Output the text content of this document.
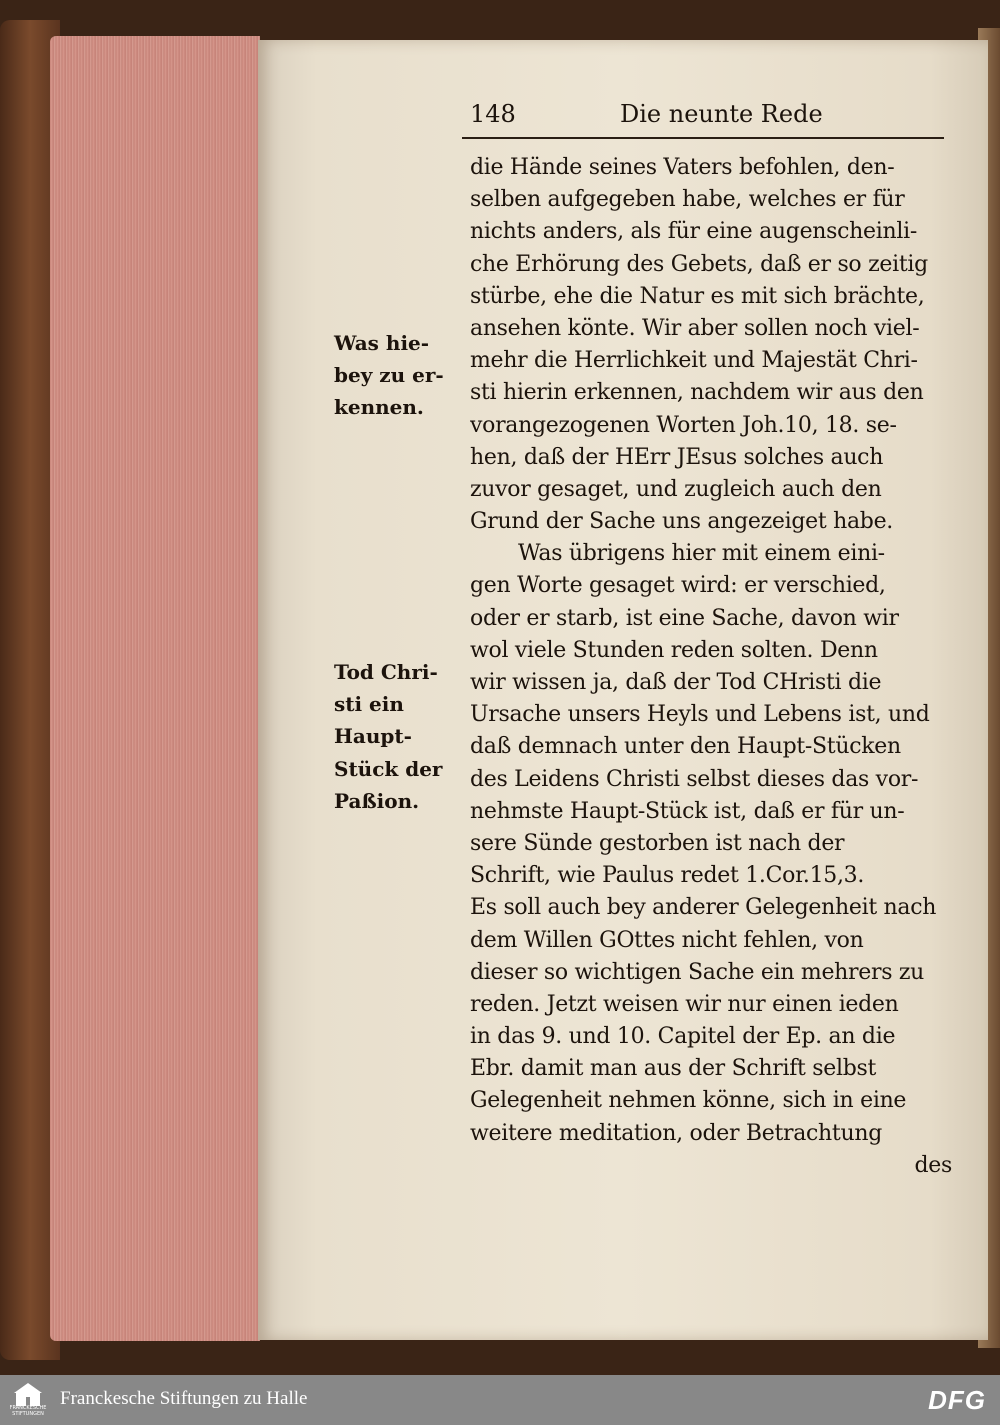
148	Die neunte Rede
die Hände seines Vaters befohlen, den-
selben aufgegeben habe, welches er für
nichts anders, als für eine augenscheinli-
che Erhörung des Gebets, daß er so zeitig
stürbe, ehe die Natur es mit sich brächte,
ansehen könte. Wir aber sollen noch viel-
mehr die Herrlichkeit und Majestät Chri-
sti hierin erkennen, nachdem wir aus den
vorangezogenen Worten Joh.10, 18. se-
hen, daß der HErr JEsus solches auch
zuvor gesaget, und zugleich auch den
Grund der Sache uns angezeiget habe.
Was übrigens hier mit einem eini-
gen Worte gesaget wird: er verschied,
oder er starb, ist eine Sache, davon wir
wol viele Stunden reden solten. Denn
wir wissen ja, daß der Tod CHristi die
Ursache unsers Heyls und Lebens ist, und
daß demnach unter den Haupt-Stücken
des Leidens Christi selbst dieses das vor-
nehmste Haupt-Stück ist, daß er für un-
sere Sünde gestorben ist nach der
Schrift, wie Paulus redet 1.Cor.15,3.
Es soll auch bey anderer Gelegenheit nach
dem Willen GOttes nicht fehlen, von
dieser so wichtigen Sache ein mehrers zu
reden. Jetzt weisen wir nur einen ieden
in das 9. und 10. Capitel der Ep. an die
Ebr. damit man aus der Schrift selbst
Gelegenheit nehmen könne, sich in eine
weitere meditation, oder Betrachtung
des
Was hie-
bey zu er-
kennen.
Tod Chri-
sti ein
Haupt-
Stück der
Paßion.
FRANCKESCHE STIFTUNGEN
Franckesche Stiftungen zu Halle	DFG
